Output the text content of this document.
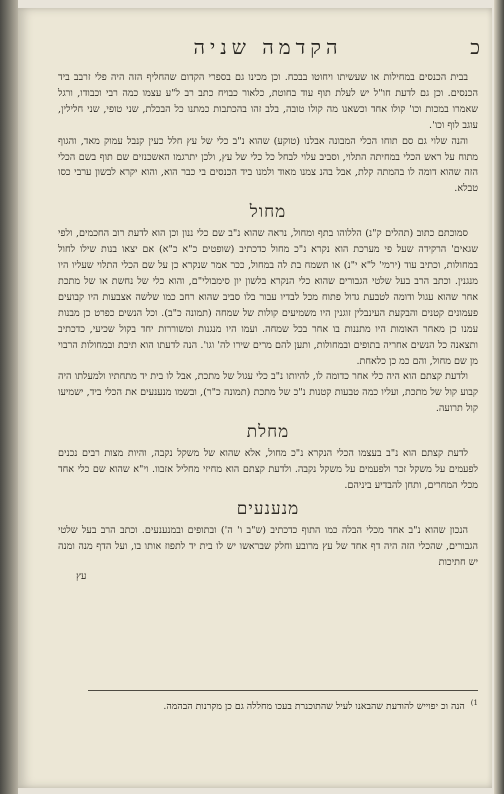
הקדמה שניה	כ

בבית הכנסים במחילות או שעשיתו ויחוטו בבכח. וכן מכינו גם בספרי הקדום שהחליף הזה היה פלי זרבב ביד הכנסים. וכן גם לדעת חו"ל יש לעלת תוף עוד בחוטת, כלאור כבויח כתב רב ל"ע עצמו כמה רבי וכבודו, ורגל שאמרו במכות וכו' קולו אחד וכשאנו מה קולו טובה, בלב זהו בהכתבות כמתנו כל הבכלת, שני טופי, שני חלילין, עוגב לוף וכו'.

והנה שלוי גם סם תוחו הכלי המבונה אבלנו (טוקע) שהוא נ"ב כלי של עץ חלל כעין קנבל עמוק מאד, והגוף מתוח על ראש הכלי במחיתה התלוי, וסביב עלוי לבחל כל כלי של עץ, ולכן יתרגמו האשכנזים שם תוף בשם הכלי הזה שהוא דומה לו בהמתה קלת, אבל בהנ צמנו מאוד ולמנו ביד הכנסים בי כבר הוא, והוא יקרא לבשון ערבי כסו טבלא.

מחול

סמוכתם כתוב (תהלים ק"נ) הללוהו בתף ומחול, נראה שהוא נ"ב שם כלי ננון וכן הוא לדעת רוב החכמים, ולפי שגאים' הרקידה שעל פי מערכת הוא נקרא נ"כ מחול כדכתיב (שופטים כ"א כ"א) אם יצאו בנות שילו לחול במחולות, וכתיב עוד (ירמי' ל"א י"נ) או תשמח בת לה במחול, ככר אמר שנקרא כן על שם הכלי התלוי שעליו היו מנגנין. וכתב הרב בעל שלטי הגבורים שהוא כלי הנקרא בלשון יון סימבולי"ם, והוא כלי של נחשת או של מתכת אחר שהוא עגול ודומה לטבעת גדול פתוח מכל לבדיו עבור בלו סביב שהוא רחב כמו שלשה אצבעות היו קבועים פעמונים קטנים והבקעת העינבלין זוגנין היו משמיעים קולות של שמחה (תמונה כ"ב). וכל הנשים כפרט כן מבנות עמנו כן מאחר האומות היו מתננות בו אחר בכל שמחה. ועמו היו מנגנות ומשוררות יחד בקול שכיעי, כדכתיב ותצאנה כל הנשים אחריה בתופים ובמחולות, ותען להם מרים שירו לה' וגו'. הנה לדעתו הוא תיבת ובמחולות הרבוי מן שם מחול, והם כמ כן כלאחת.

ולדעת קצתם הוא היה כלי אחר כדומה לו, להיותו נ"ב כלי עגול של מתכת, אבל לו בית יד מתחתיו ולמעלתו היה קבוע קול של מתכת, ועליו כמה טבעות קטנות נ"כ של מתכת (תמונה כ"ר), ובשמו מנענעים את הכלי ביד, ישמיעו קול תרועה.

מחלת

לדעת קצתם הוא נ"ב בעצמו הכלי הנקרא נ"כ מחול, אלא שהוא של משקל נקבה, והיות מצות רבים נכנים לפעמים על משקל זכר ולפעמים על משקל נקבה. ולדעת קצתם הוא מחיזי מחליל אזבוו. וי"א שהוא שם כלי אחד מכלי המחרים, ותחן להבדיע ביניהם.

מנענעים

הנכון שהוא נ"ב אחד מכלי הבלה כמו התוף כדכתיב (ש"ב ו' ה') ובתופים ובמנענעים. וכתב הרב בעל שלטי הגבורים, שהכלי הזה היה דף אחד של עץ מרובע וחלק שבראשו יש לו בית יד לתפוז אותו בו, ועל הדף מנה ומנה יש חתיכות

עץ
$^{1)}$ הנה וכ יפוייש להודעת שהבאנו לעיל שהתוכנרת בעכו מחללה גם כן מקרנות הבהמה.
